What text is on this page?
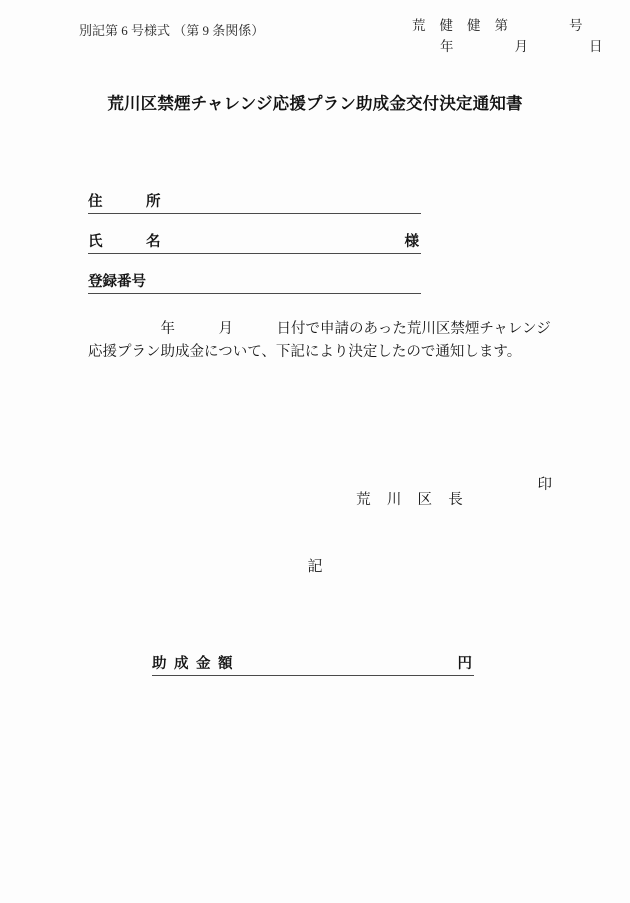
別記第 6 号様式 （第 9 条関係）	荒 健 健 第　　　号
年　　　月　　　日
荒川区禁煙チャレンジ応援プラン助成金交付決定通知書
住　　　所
氏　　　名	様
登録番号
　　　　　年　　　月　　　日付で申請のあった荒川区禁煙チャレンジ応援プラン助成金について、下記により決定したので通知します。

荒 川 区 長

印

記
助 成 金 額	円
